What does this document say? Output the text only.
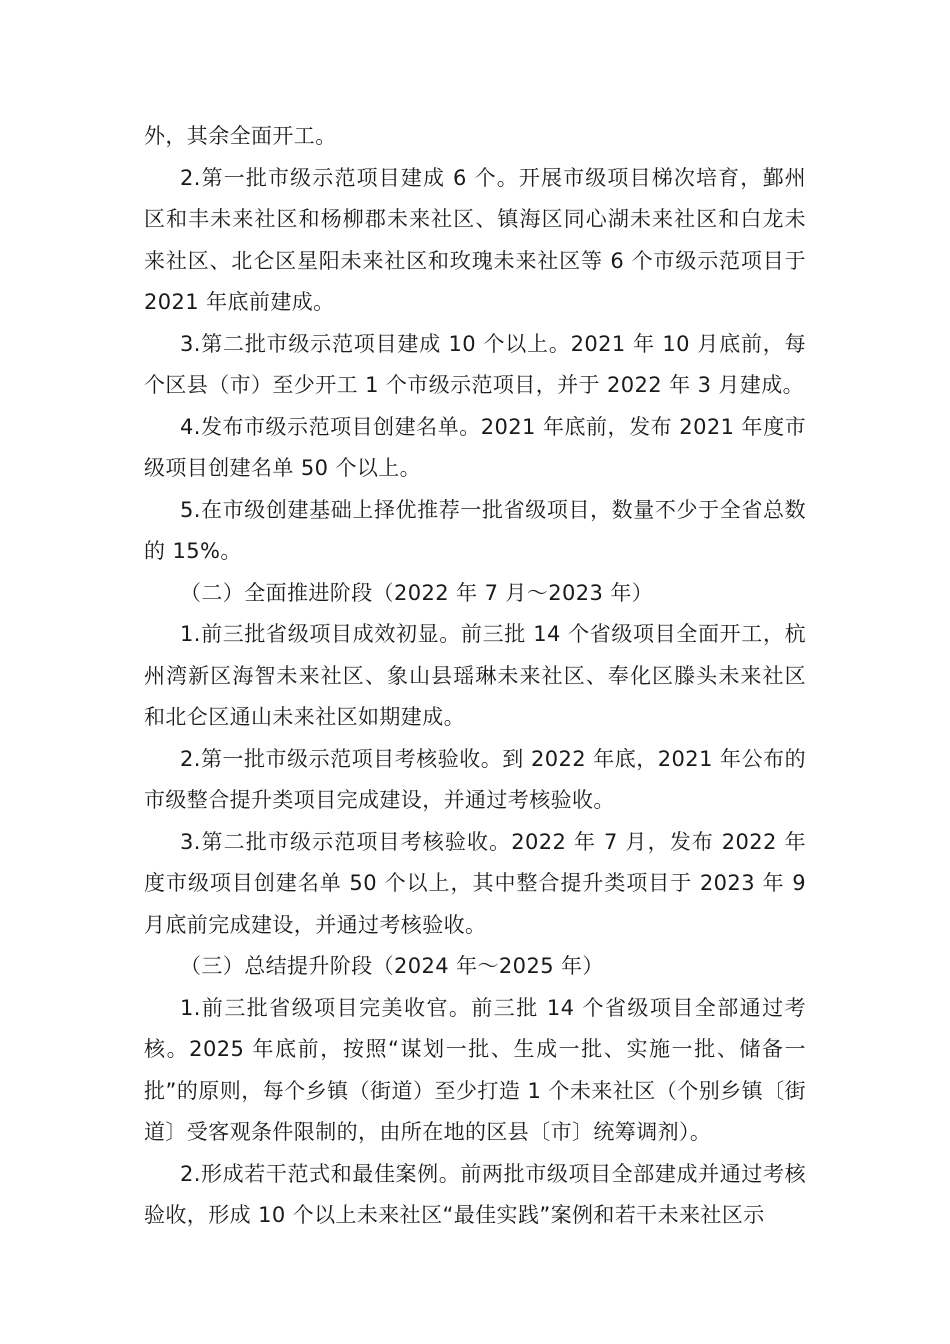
外，其余全面开工。

2.第一批市级示范项目建成 6 个。开展市级项目梯次培育，鄞州区和丰未来社区和杨柳郡未来社区、镇海区同心湖未来社区和白龙未来社区、北仑区星阳未来社区和玫瑰未来社区等 6 个市级示范项目于 2021 年底前建成。

3.第二批市级示范项目建成 10 个以上。2021 年 10 月底前，每个区县（市）至少开工 1 个市级示范项目，并于 2022 年 3 月建成。

4.发布市级示范项目创建名单。2021 年底前，发布 2021 年度市级项目创建名单 50 个以上。

5.在市级创建基础上择优推荐一批省级项目，数量不少于全省总数的 15%。

（二）全面推进阶段（2022 年 7 月～2023 年）

1.前三批省级项目成效初显。前三批 14 个省级项目全面开工，杭州湾新区海智未来社区、象山县瑶琳未来社区、奉化区滕头未来社区和北仑区通山未来社区如期建成。

2.第一批市级示范项目考核验收。到 2022 年底，2021 年公布的市级整合提升类项目完成建设，并通过考核验收。

3.第二批市级示范项目考核验收。2022 年 7 月，发布 2022 年度市级项目创建名单 50 个以上，其中整合提升类项目于 2023 年 9 月底前完成建设，并通过考核验收。

（三）总结提升阶段（2024 年～2025 年）

1.前三批省级项目完美收官。前三批 14 个省级项目全部通过考核。2025 年底前，按照“谋划一批、生成一批、实施一批、储备一批”的原则，每个乡镇（街道）至少打造 1 个未来社区（个别乡镇〔街道〕受客观条件限制的，由所在地的区县〔市〕统筹调剂）。

2.形成若干范式和最佳案例。前两批市级项目全部建成并通过考核验收，形成 10 个以上未来社区“最佳实践”案例和若干未来社区示
